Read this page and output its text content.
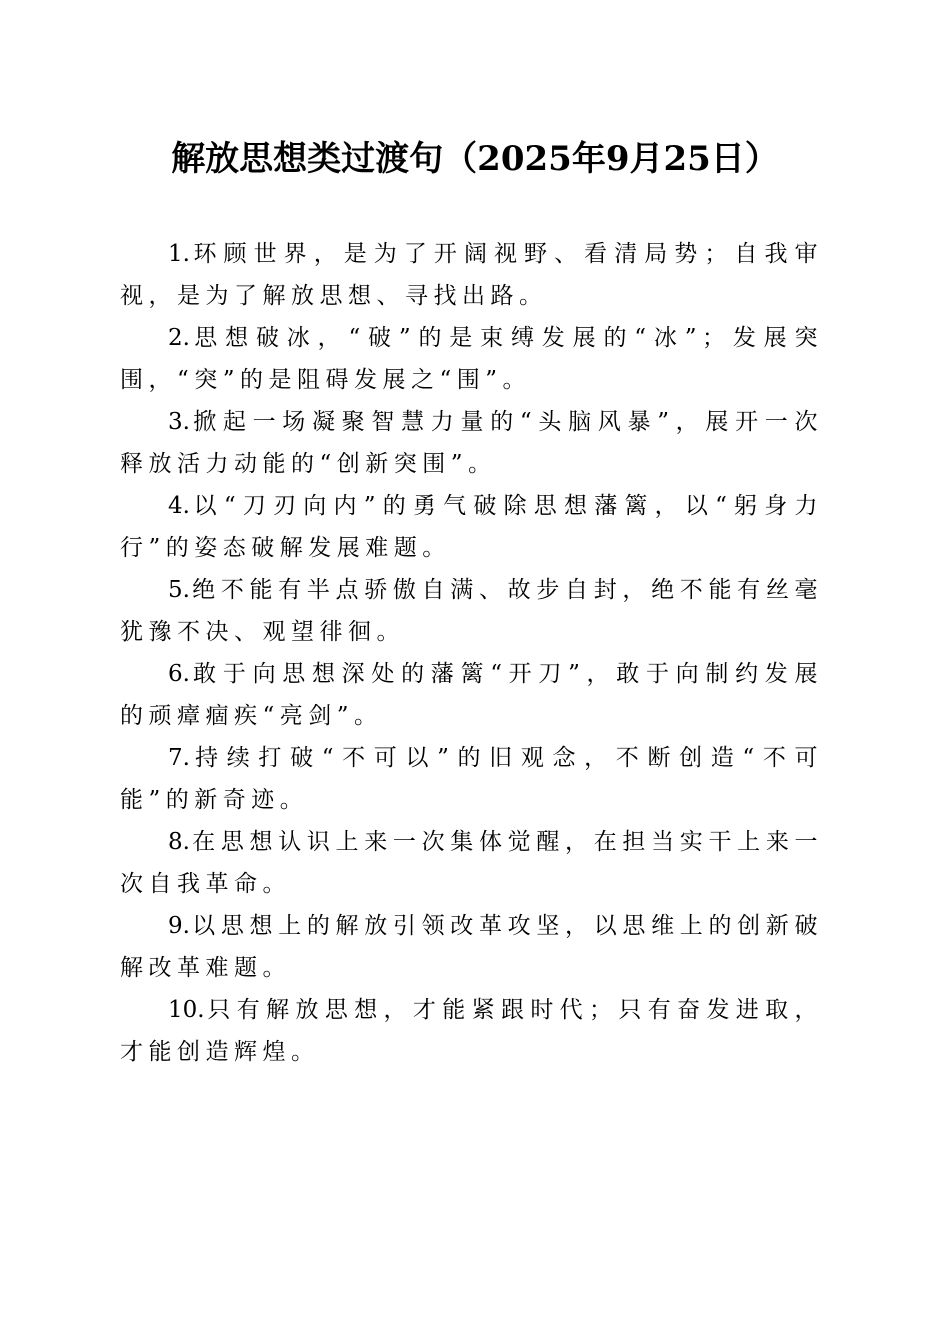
解放思想类过渡句（2025年9月25日）

1.环顾世界，是为了开阔视野、看清局势；自我审视，是为了解放思想、寻找出路。

2.思想破冰，“破”的是束缚发展的“冰”；发展突围，“突”的是阻碍发展之“围”。

3.掀起一场凝聚智慧力量的“头脑风暴”，展开一次释放活力动能的“创新突围”。

4.以“刀刃向内”的勇气破除思想藩篱，以“躬身力行”的姿态破解发展难题。

5.绝不能有半点骄傲自满、故步自封，绝不能有丝毫犹豫不决、观望徘徊。

6.敢于向思想深处的藩篱“开刀”，敢于向制约发展的顽瘴痼疾“亮剑”。

7.持续打破“不可以”的旧观念，不断创造“不可能”的新奇迹。

8.在思想认识上来一次集体觉醒，在担当实干上来一次自我革命。

9.以思想上的解放引领改革攻坚，以思维上的创新破解改革难题。

10.只有解放思想，才能紧跟时代；只有奋发进取，才能创造辉煌。
